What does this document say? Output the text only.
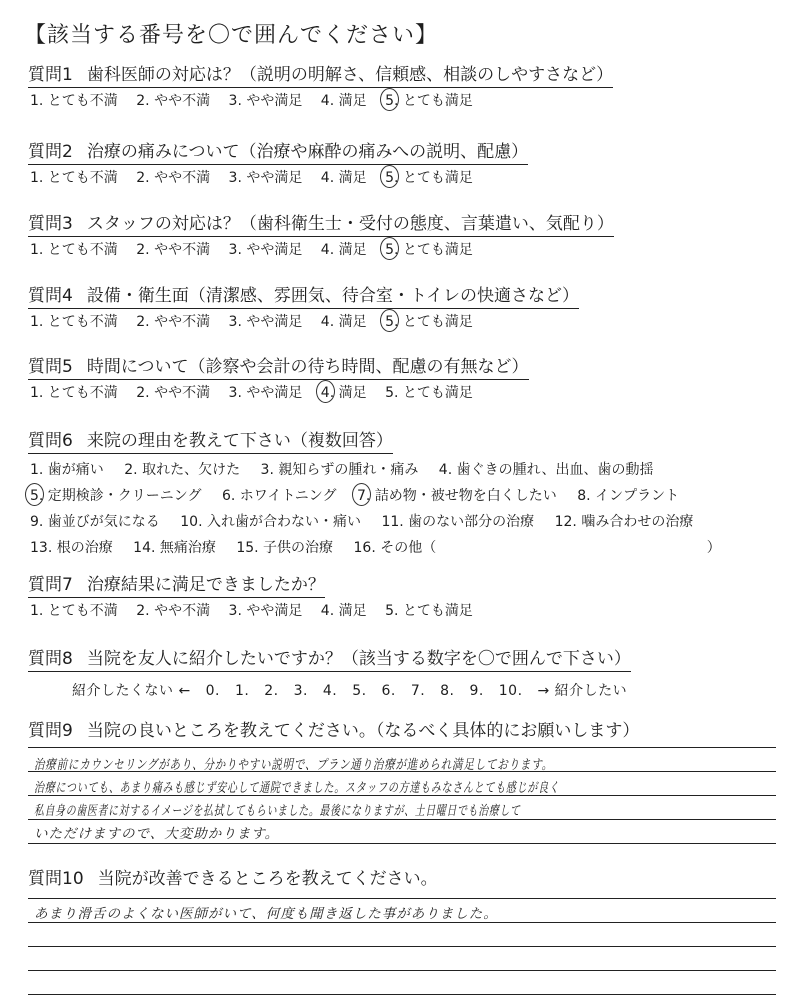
【該当する番号を〇で囲んでください】
質問1 歯科医師の対応は？（説明の明解さ、信頼感、相談のしやすさなど）
1. とても不満 2. やや不満 3. やや満足 4. 満足 5. とても満足
質問2 治療の痛みについて（治療や麻酔の痛みへの説明、配慮）
1. とても不満 2. やや不満 3. やや満足 4. 満足 5. とても満足
質問3 スタッフの対応は？（歯科衛生士・受付の態度、言葉遣い、気配り）
1. とても不満 2. やや不満 3. やや満足 4. 満足 5. とても満足
質問4 設備・衛生面（清潔感、雰囲気、待合室・トイレの快適さなど）
1. とても不満 2. やや不満 3. やや満足 4. 満足 5. とても満足
質問5 時間について（診察や会計の待ち時間、配慮の有無など）
1. とても不満 2. やや不満 3. やや満足 4. 満足 5. とても満足
質問6 来院の理由を教えて下さい（複数回答）
1. 歯が痛い 2. 取れた、欠けた 3. 親知らずの腫れ・痛み 4. 歯ぐきの腫れ、出血、歯の動揺
5. 定期検診・クリーニング 6. ホワイトニング 7. 詰め物・被せ物を白くしたい 8. インプラント
9. 歯並びが気になる 10. 入れ歯が合わない・痛い 11. 歯のない部分の治療 12. 噛み合わせの治療
13. 根の治療 14. 無痛治療 15. 子供の治療 16. その他（	）
質問7 治療結果に満足できましたか？
1. とても不満 2. やや不満 3. やや満足 4. 満足 5. とても満足
質問8 当院を友人に紹介したいですか？（該当する数字を〇で囲んで下さい）
紹介したくない ← 0. 1. 2. 3. 4. 5. 6. 7. 8. 9. 10. → 紹介したい
質問9 当院の良いところを教えてください。（なるべく具体的にお願いします）
治療前にカウンセリングがあり、分かりやすい説明で、プラン通り治療が進められ満足しております。
治療についても、あまり痛みも感じず安心して通院できました。スタッフの方達もみなさんとても感じが良く
私自身の歯医者に対するイメージを払拭してもらいました。最後になりますが、土日曜日でも治療して
いただけますので、大変助かります。
質問10 当院が改善できるところを教えてください。
あまり滑舌のよくない医師がいて、何度も聞き返した事がありました。
